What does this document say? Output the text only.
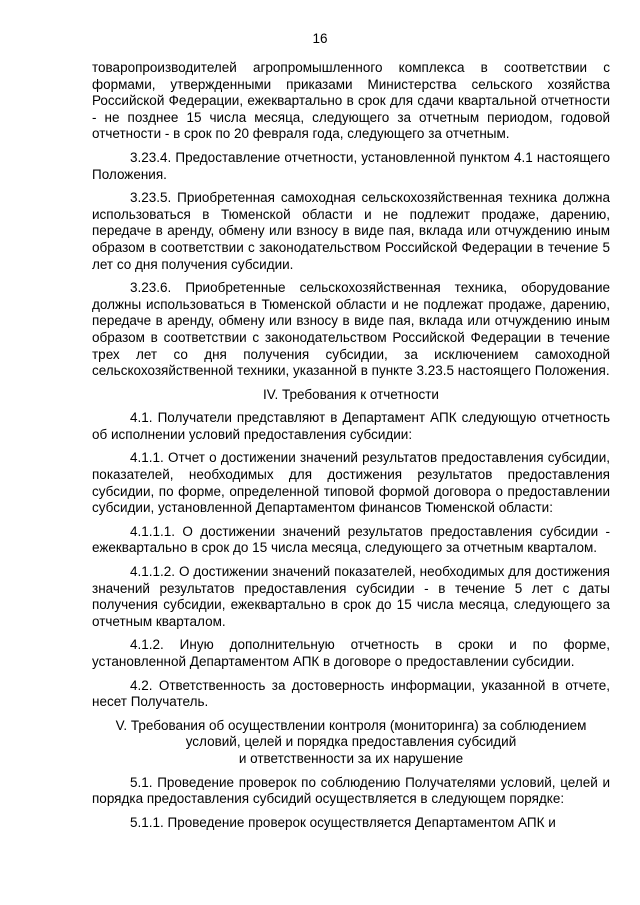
16

товаропроизводителей агропромышленного комплекса в соответствии с формами, утвержденными приказами Министерства сельского хозяйства Российской Федерации, ежеквартально в срок для сдачи квартальной отчетности - не позднее 15 числа месяца, следующего за отчетным периодом, годовой отчетности - в срок по 20 февраля года, следующего за отчетным.

3.23.4. Предоставление отчетности, установленной пунктом 4.1 настоящего Положения.

3.23.5. Приобретенная самоходная сельскохозяйственная техника должна использоваться в Тюменской области и не подлежит продаже, дарению, передаче в аренду, обмену или взносу в виде пая, вклада или отчуждению иным образом в соответствии с законодательством Российской Федерации в течение 5 лет со дня получения субсидии.

3.23.6. Приобретенные сельскохозяйственная техника, оборудование должны использоваться в Тюменской области и не подлежат продаже, дарению, передаче в аренду, обмену или взносу в виде пая, вклада или отчуждению иным образом в соответствии с законодательством Российской Федерации в течение трех лет со дня получения субсидии, за исключением самоходной сельскохозяйственной техники, указанной в пункте 3.23.5 настоящего Положения.

IV. Требования к отчетности

4.1. Получатели представляют в Департамент АПК следующую отчетность об исполнении условий предоставления субсидии:

4.1.1. Отчет о достижении значений результатов предоставления субсидии, показателей, необходимых для достижения результатов предоставления субсидии, по форме, определенной типовой формой договора о предоставлении субсидии, установленной Департаментом финансов Тюменской области:

4.1.1.1. О достижении значений результатов предоставления субсидии - ежеквартально в срок до 15 числа месяца, следующего за отчетным кварталом.

4.1.1.2. О достижении значений показателей, необходимых для достижения значений результатов предоставления субсидии - в течение 5 лет с даты получения субсидии, ежеквартально в срок до 15 числа месяца, следующего за отчетным кварталом.

4.1.2. Иную дополнительную отчетность в сроки и по форме, установленной Департаментом АПК в договоре о предоставлении субсидии.

4.2. Ответственность за достоверность информации, указанной в отчете, несет Получатель.

V. Требования об осуществлении контроля (мониторинга) за соблюдением
условий, целей и порядка предоставления субсидий
и ответственности за их нарушение

5.1. Проведение проверок по соблюдению Получателями условий, целей и порядка предоставления субсидий осуществляется в следующем порядке:

5.1.1. Проведение проверок осуществляется Департаментом АПК и
